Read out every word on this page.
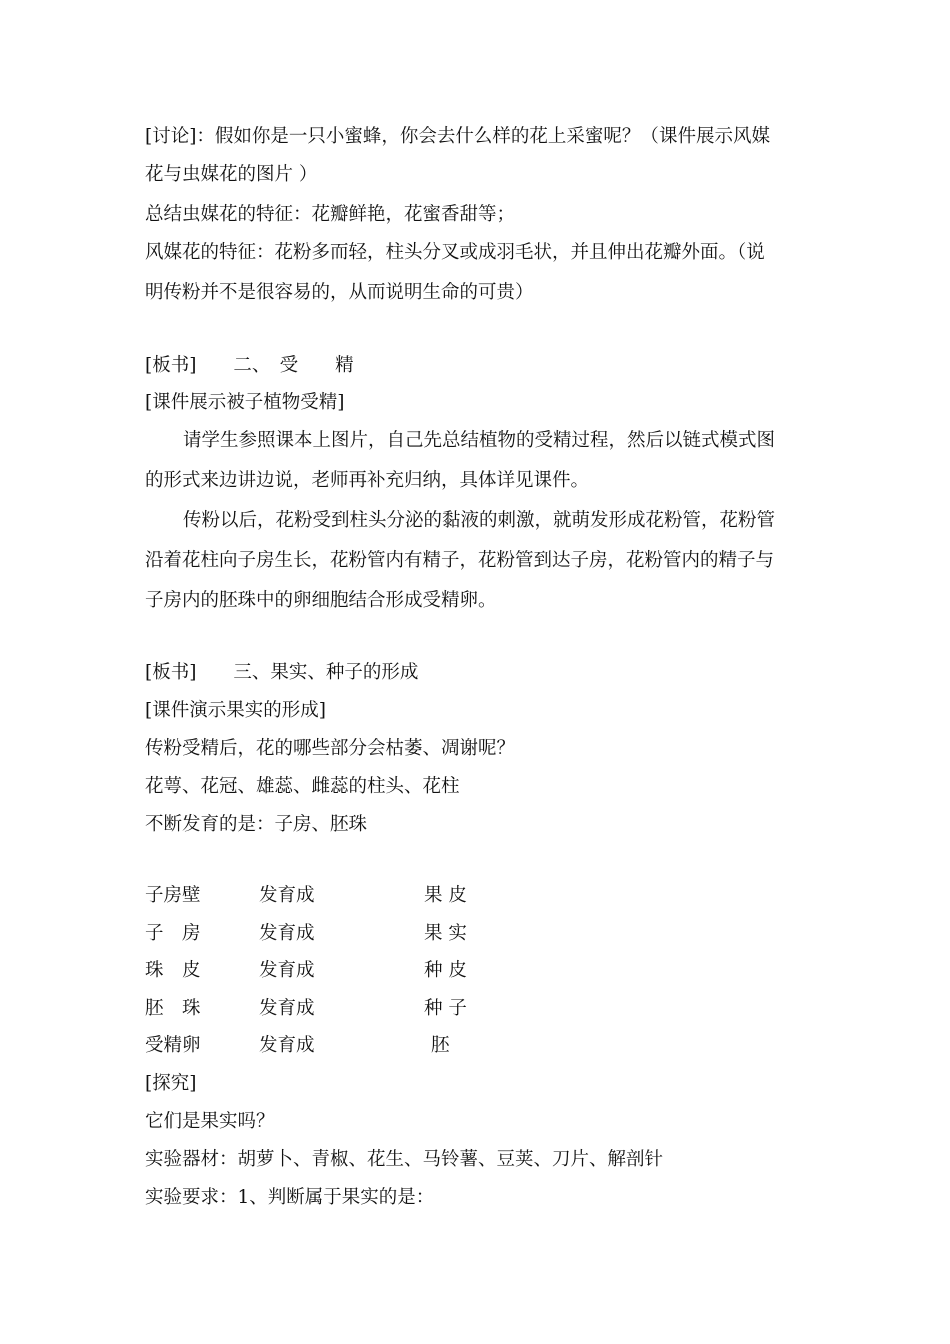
[讨论]：假如你是一只小蜜蜂，你会去什么样的花上采蜜呢？（课件展示风媒
花与虫媒花的图片 ）
总结虫媒花的特征：花瓣鲜艳，花蜜香甜等；
风媒花的特征：花粉多而轻，柱头分叉或成羽毛状，并且伸出花瓣外面。（说
明传粉并不是很容易的，从而说明生命的可贵）
[板书]　　二、　受　　精
[课件展示被子植物受精]
请学生参照课本上图片，自己先总结植物的受精过程，然后以链式模式图
的形式来边讲边说，老师再补充归纳，具体详见课件。
传粉以后，花粉受到柱头分泌的黏液的刺激，就萌发形成花粉管，花粉管
沿着花柱向子房生长，花粉管内有精子，花粉管到达子房，花粉管内的精子与
子房内的胚珠中的卵细胞结合形成受精卵。
[板书]　　三、果实、种子的形成
[课件演示果实的形成]
传粉受精后，花的哪些部分会枯萎、凋谢呢？
花萼、花冠、雄蕊、雌蕊的柱头、花柱
不断发育的是：子房、胚珠
子房壁	发育成	果 皮
子　房	发育成	果 实
珠　皮	发育成	种 皮
胚　珠	发育成	种 子
受精卵	发育成	胚
[探究]
它们是果实吗？
实验器材：胡萝卜、青椒、花生、马铃薯、豆荚、刀片、解剖针
实验要求：1、判断属于果实的是：
